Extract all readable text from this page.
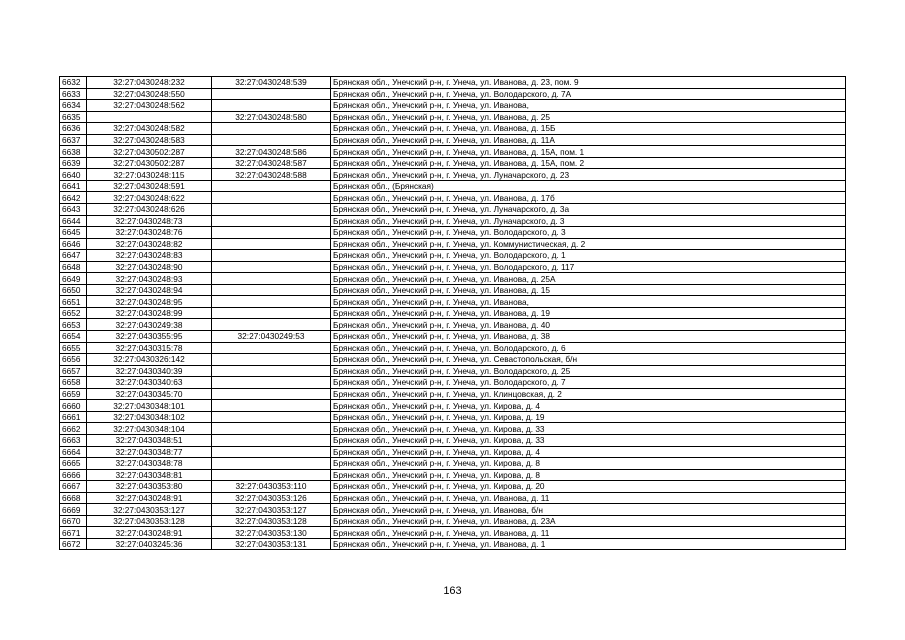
6632	32:27:0430248:232	32:27:0430248:539	Брянская обл., Унечский р-н, г. Унеча, ул. Иванова, д. 23, пом. 9
6633	32:27:0430248:550		Брянская обл., Унечский р-н, г. Унеча, ул. Володарского, д. 7А
6634	32:27:0430248:562		Брянская обл., Унечский р-н, г. Унеча, ул. Иванова,
6635		32:27:0430248:580	Брянская обл., Унечский р-н, г. Унеча, ул. Иванова, д. 25
6636	32:27:0430248:582		Брянская обл., Унечский р-н, г. Унеча, ул. Иванова, д. 15Б
6637	32:27:0430248:583		Брянская обл., Унечский р-н, г. Унеча, ул. Иванова, д. 11А
6638	32:27:0430502:287	32:27:0430248:586	Брянская обл., Унечский р-н, г. Унеча, ул. Иванова, д. 15А, пом. 1
6639	32:27:0430502:287	32:27:0430248:587	Брянская обл., Унечский р-н, г. Унеча, ул. Иванова, д. 15А, пом. 2
6640	32:27:0430248:115	32:27:0430248:588	Брянская обл., Унечский р-н, г. Унеча, ул. Луначарского, д. 23
6641	32:27:0430248:591		Брянская обл., (Брянская)
6642	32:27:0430248:622		Брянская обл., Унечский р-н, г. Унеча, ул. Иванова, д. 17б
6643	32:27:0430248:626		Брянская обл., Унечский р-н, г. Унеча, ул. Луначарского, д. 3а
6644	32:27:0430248:73		Брянская обл., Унечский р-н, г. Унеча, ул. Луначарского, д. 3
6645	32:27:0430248:76		Брянская обл., Унечский р-н, г. Унеча, ул. Володарского, д. 3
6646	32:27:0430248:82		Брянская обл., Унечский р-н, г. Унеча, ул. Коммунистическая, д. 2
6647	32:27:0430248:83		Брянская обл., Унечский р-н, г. Унеча, ул. Володарского, д. 1
6648	32:27:0430248:90		Брянская обл., Унечский р-н, г. Унеча, ул. Володарского, д. 117
6649	32:27:0430248:93		Брянская обл., Унечский р-н, г. Унеча, ул. Иванова, д. 25А
6650	32:27:0430248:94		Брянская обл., Унечский р-н, г. Унеча, ул. Иванова, д. 15
6651	32:27:0430248:95		Брянская обл., Унечский р-н, г. Унеча, ул. Иванова,
6652	32:27:0430248:99		Брянская обл., Унечский р-н, г. Унеча, ул. Иванова, д. 19
6653	32:27:0430249:38		Брянская обл., Унечский р-н, г. Унеча, ул. Иванова, д. 40
6654	32:27:0430355:95	32:27:0430249:53	Брянская обл., Унечский р-н, г. Унеча, ул. Иванова, д. 38
6655	32:27:0430315:78		Брянская обл., Унечский р-н, г. Унеча, ул. Володарского, д. 6
6656	32:27:0430326:142		Брянская обл., Унечский р-н, г. Унеча, ул. Севастопольская, б/н
6657	32:27:0430340:39		Брянская обл., Унечский р-н, г. Унеча, ул. Володарского, д. 25
6658	32:27:0430340:63		Брянская обл., Унечский р-н, г. Унеча, ул. Володарского, д. 7
6659	32:27:0430345:70		Брянская обл., Унечский р-н, г. Унеча, ул. Клинцовская, д. 2
6660	32:27:0430348:101		Брянская обл., Унечский р-н, г. Унеча, ул. Кирова, д. 4
6661	32:27:0430348:102		Брянская обл., Унечский р-н, г. Унеча, ул. Кирова, д. 19
6662	32:27:0430348:104		Брянская обл., Унечский р-н, г. Унеча, ул. Кирова, д. 33
6663	32:27:0430348:51		Брянская обл., Унечский р-н, г. Унеча, ул. Кирова, д. 33
6664	32:27:0430348:77		Брянская обл., Унечский р-н, г. Унеча, ул. Кирова, д. 4
6665	32:27:0430348:78		Брянская обл., Унечский р-н, г. Унеча, ул. Кирова, д. 8
6666	32:27:0430348:81		Брянская обл., Унечский р-н, г. Унеча, ул. Кирова, д. 8
6667	32:27:0430353:80	32:27:0430353:110	Брянская обл., Унечский р-н, г. Унеча, ул. Кирова, д. 20
6668	32:27:0430248:91	32:27:0430353:126	Брянская обл., Унечский р-н, г. Унеча, ул. Иванова, д. 11
6669	32:27:0430353:127	32:27:0430353:127	Брянская обл., Унечский р-н, г. Унеча, ул. Иванова, б/н
6670	32:27:0430353:128	32:27:0430353:128	Брянская обл., Унечский р-н, г. Унеча, ул. Иванова, д. 23А
6671	32:27:0430248:91	32:27:0430353:130	Брянская обл., Унечский р-н, г. Унеча, ул. Иванова, д. 11
6672	32:27:0403245:36	32:27:0430353:131	Брянская обл., Унечский р-н, г. Унеча, ул. Иванова, д. 1
163
